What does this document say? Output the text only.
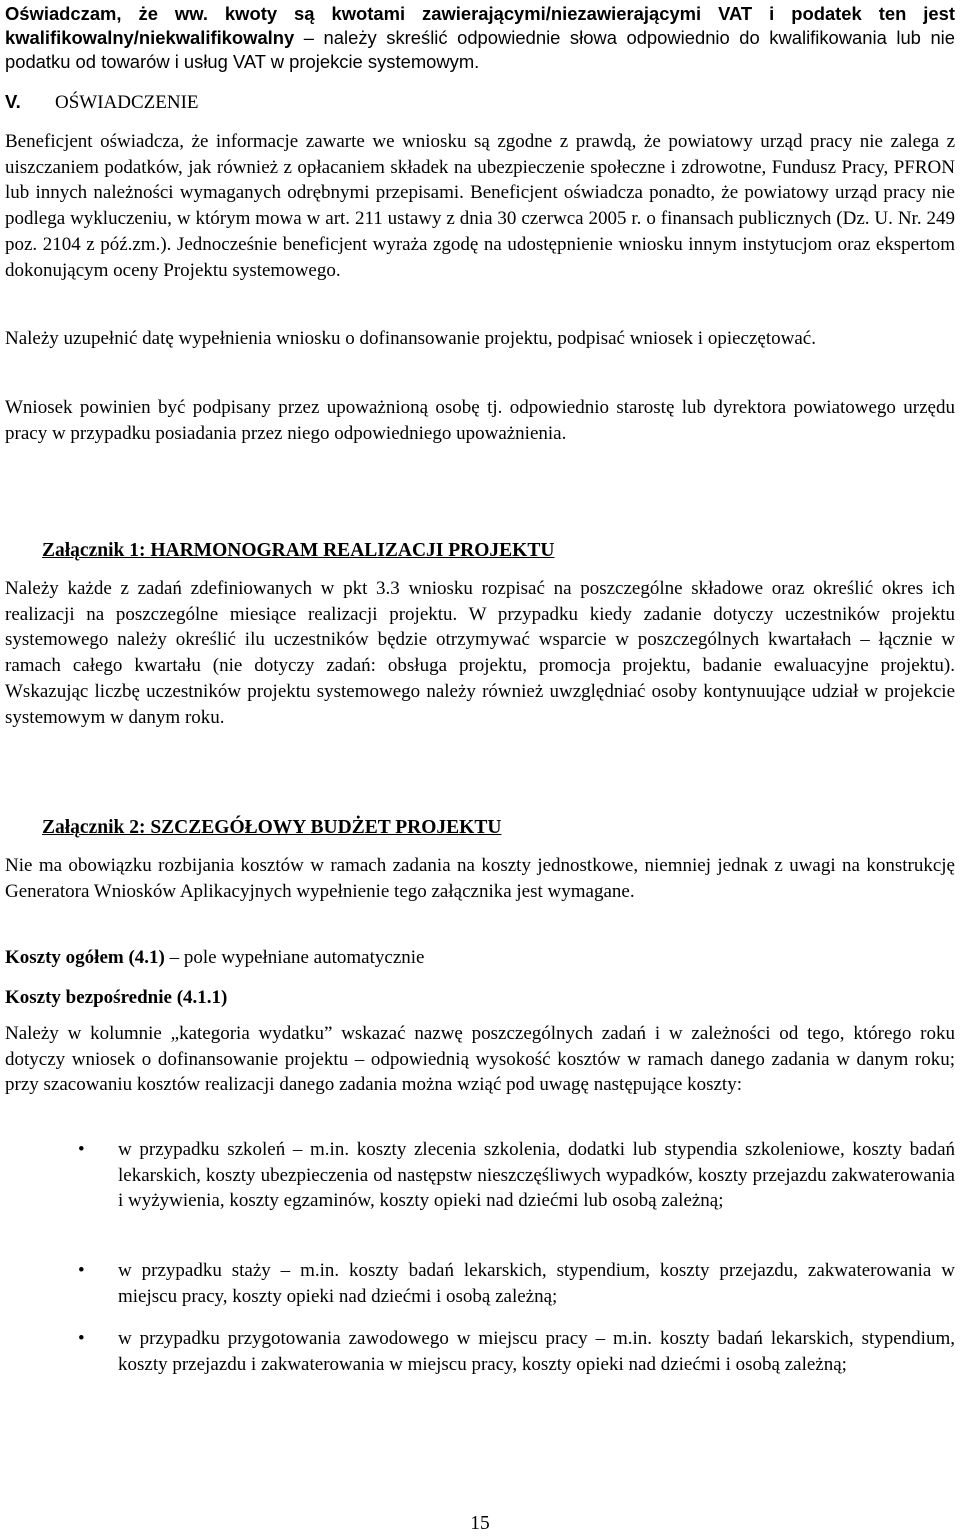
Oświadczam, że ww. kwoty są kwotami zawierającymi/niezawierającymi VAT i podatek ten jest kwalifikowalny/niekwalifikowalny – należy skreślić odpowiednie słowa odpowiednio do kwalifikowania lub nie podatku od towarów i usług VAT w projekcie systemowym.

V. OŚWIADCZENIE

Beneficjent oświadcza, że informacje zawarte we wniosku są zgodne z prawdą, że powiatowy urząd pracy nie zalega z uiszczaniem podatków, jak również z opłacaniem składek na ubezpieczenie społeczne i zdrowotne, Fundusz Pracy, PFRON lub innych należności wymaganych odrębnymi przepisami. Beneficjent oświadcza ponadto, że powiatowy urząd pracy nie podlega wykluczeniu, w którym mowa w art. 211 ustawy z dnia 30 czerwca 2005 r. o finansach publicznych (Dz. U. Nr. 249 poz. 2104 z póź.zm.). Jednocześnie beneficjent wyraża zgodę na udostępnienie wniosku innym instytucjom oraz ekspertom dokonującym oceny Projektu systemowego.

Należy uzupełnić datę wypełnienia wniosku o dofinansowanie projektu, podpisać wniosek i opieczętować.

Wniosek powinien być podpisany przez upoważnioną osobę tj. odpowiednio starostę lub dyrektora powiatowego urzędu pracy w przypadku posiadania przez niego odpowiedniego upoważnienia.

Załącznik 1: HARMONOGRAM REALIZACJI PROJEKTU

Należy każde z zadań zdefiniowanych w pkt 3.3 wniosku rozpisać na poszczególne składowe oraz określić okres ich realizacji na poszczególne miesiące realizacji projektu. W przypadku kiedy zadanie dotyczy uczestników projektu systemowego należy określić ilu uczestników będzie otrzymywać wsparcie w poszczególnych kwartałach – łącznie w ramach całego kwartału (nie dotyczy zadań: obsługa projektu, promocja projektu, badanie ewaluacyjne projektu). Wskazując liczbę uczestników projektu systemowego należy również uwzględniać osoby kontynuujące udział w projekcie systemowym w danym roku.

Załącznik 2: SZCZEGÓŁOWY BUDŻET PROJEKTU

Nie ma obowiązku rozbijania kosztów w ramach zadania na koszty jednostkowe, niemniej jednak z uwagi na konstrukcję Generatora Wniosków Aplikacyjnych wypełnienie tego załącznika jest wymagane.

Koszty ogółem (4.1) – pole wypełniane automatycznie

Koszty bezpośrednie (4.1.1)

Należy w kolumnie „kategoria wydatku” wskazać nazwę poszczególnych zadań i w zależności od tego, którego roku dotyczy wniosek o dofinansowanie projektu – odpowiednią wysokość kosztów w ramach danego zadania w danym roku; przy szacowaniu kosztów realizacji danego zadania można wziąć pod uwagę następujące koszty:

• w przypadku szkoleń – m.in. koszty zlecenia szkolenia, dodatki lub stypendia szkoleniowe, koszty badań lekarskich, koszty ubezpieczenia od następstw nieszczęśliwych wypadków, koszty przejazdu zakwaterowania i wyżywienia, koszty egzaminów, koszty opieki nad dziećmi lub osobą zależną;
• w przypadku staży – m.in. koszty badań lekarskich, stypendium, koszty przejazdu, zakwaterowania w miejscu pracy, koszty opieki nad dziećmi i osobą zależną;
• w przypadku przygotowania zawodowego w miejscu pracy – m.in. koszty badań lekarskich, stypendium, koszty przejazdu i zakwaterowania w miejscu pracy, koszty opieki nad dziećmi i osobą zależną;
15
